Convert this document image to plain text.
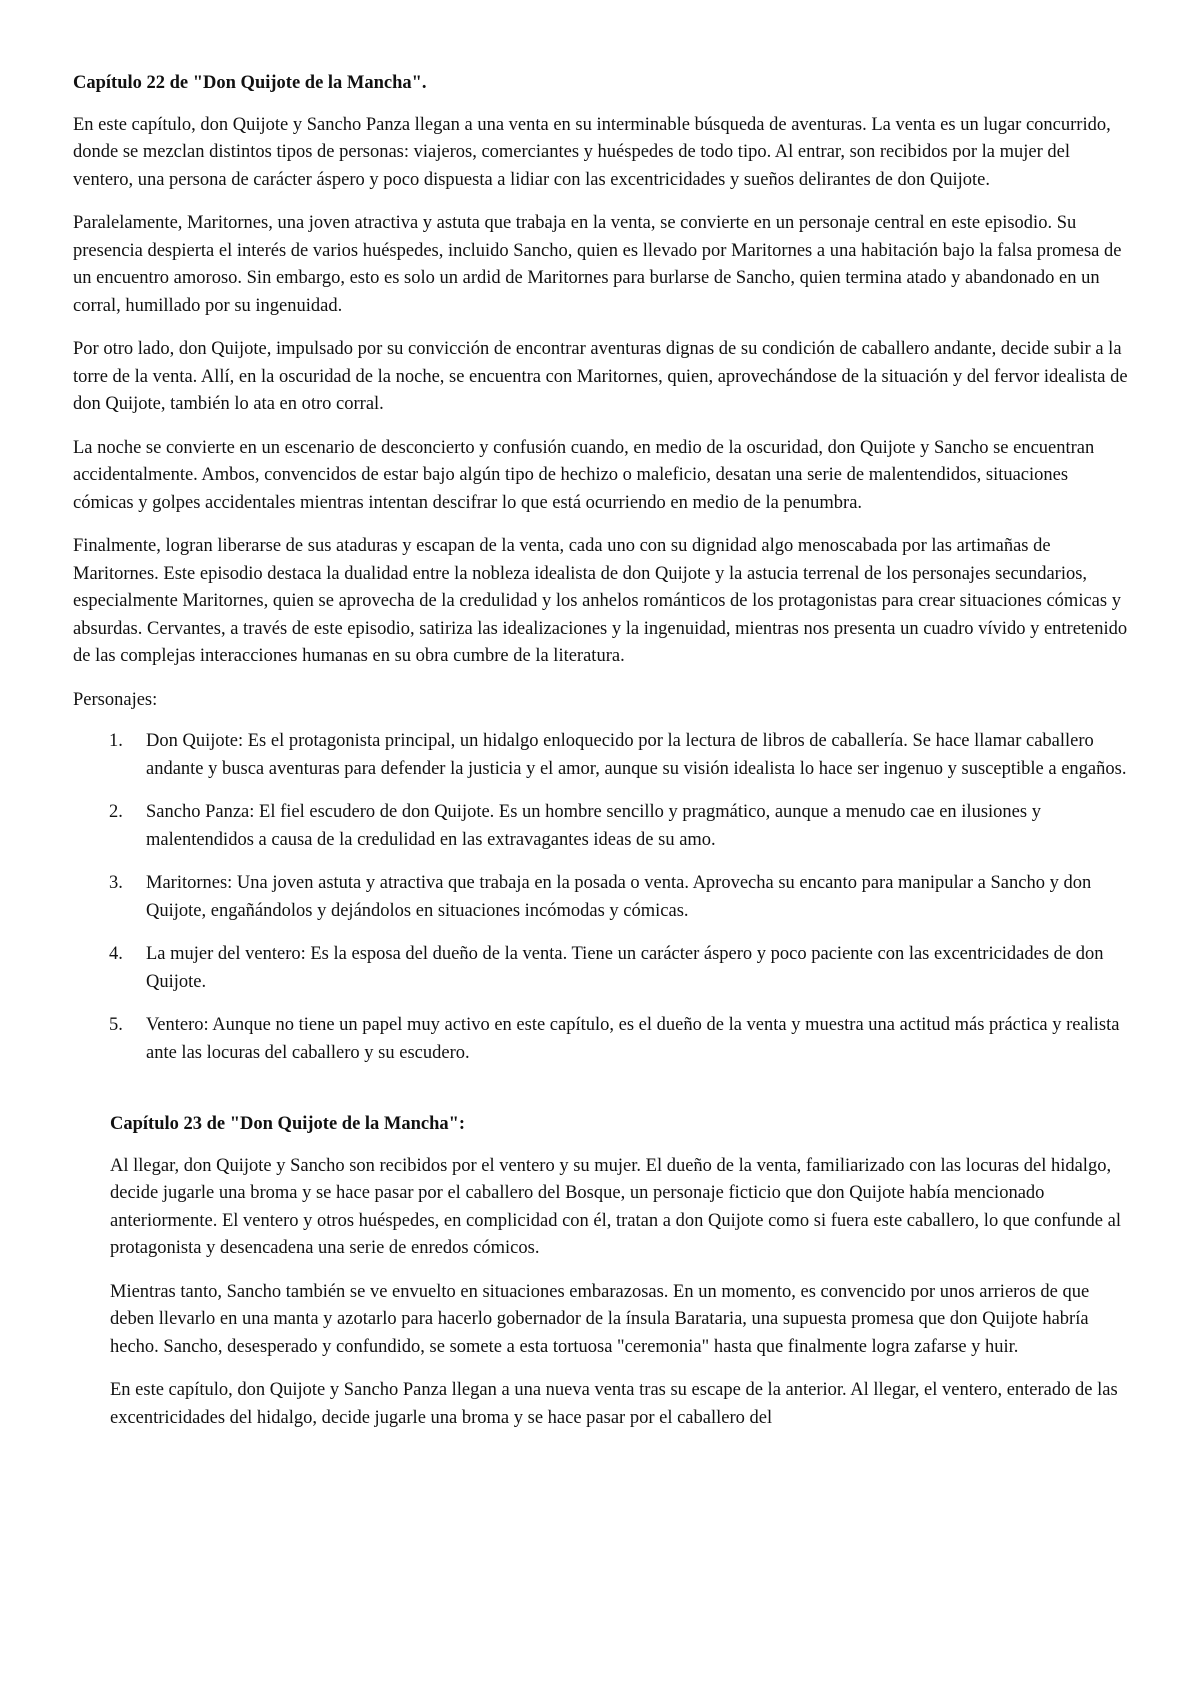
Capítulo 22 de "Don Quijote de la Mancha".

En este capítulo, don Quijote y Sancho Panza llegan a una venta en su interminable búsqueda de aventuras. La venta es un lugar concurrido, donde se mezclan distintos tipos de personas: viajeros, comerciantes y huéspedes de todo tipo. Al entrar, son recibidos por la mujer del ventero, una persona de carácter áspero y poco dispuesta a lidiar con las excentricidades y sueños delirantes de don Quijote.

Paralelamente, Maritornes, una joven atractiva y astuta que trabaja en la venta, se convierte en un personaje central en este episodio. Su presencia despierta el interés de varios huéspedes, incluido Sancho, quien es llevado por Maritornes a una habitación bajo la falsa promesa de un encuentro amoroso. Sin embargo, esto es solo un ardid de Maritornes para burlarse de Sancho, quien termina atado y abandonado en un corral, humillado por su ingenuidad.

Por otro lado, don Quijote, impulsado por su convicción de encontrar aventuras dignas de su condición de caballero andante, decide subir a la torre de la venta. Allí, en la oscuridad de la noche, se encuentra con Maritornes, quien, aprovechándose de la situación y del fervor idealista de don Quijote, también lo ata en otro corral.

La noche se convierte en un escenario de desconcierto y confusión cuando, en medio de la oscuridad, don Quijote y Sancho se encuentran accidentalmente. Ambos, convencidos de estar bajo algún tipo de hechizo o maleficio, desatan una serie de malentendidos, situaciones cómicas y golpes accidentales mientras intentan descifrar lo que está ocurriendo en medio de la penumbra.

Finalmente, logran liberarse de sus ataduras y escapan de la venta, cada uno con su dignidad algo menoscabada por las artimañas de Maritornes. Este episodio destaca la dualidad entre la nobleza idealista de don Quijote y la astucia terrenal de los personajes secundarios, especialmente Maritornes, quien se aprovecha de la credulidad y los anhelos románticos de los protagonistas para crear situaciones cómicas y absurdas. Cervantes, a través de este episodio, satiriza las idealizaciones y la ingenuidad, mientras nos presenta un cuadro vívido y entretenido de las complejas interacciones humanas en su obra cumbre de la literatura.

Personajes:
1. Don Quijote: Es el protagonista principal, un hidalgo enloquecido por la lectura de libros de caballería. Se hace llamar caballero andante y busca aventuras para defender la justicia y el amor, aunque su visión idealista lo hace ser ingenuo y susceptible a engaños.
2. Sancho Panza: El fiel escudero de don Quijote. Es un hombre sencillo y pragmático, aunque a menudo cae en ilusiones y malentendidos a causa de la credulidad en las extravagantes ideas de su amo.
3. Maritornes: Una joven astuta y atractiva que trabaja en la posada o venta. Aprovecha su encanto para manipular a Sancho y don Quijote, engañándolos y dejándolos en situaciones incómodas y cómicas.
4. La mujer del ventero: Es la esposa del dueño de la venta. Tiene un carácter áspero y poco paciente con las excentricidades de don Quijote.
5. Ventero: Aunque no tiene un papel muy activo en este capítulo, es el dueño de la venta y muestra una actitud más práctica y realista ante las locuras del caballero y su escudero.
Capítulo 23 de "Don Quijote de la Mancha":

Al llegar, don Quijote y Sancho son recibidos por el ventero y su mujer. El dueño de la venta, familiarizado con las locuras del hidalgo, decide jugarle una broma y se hace pasar por el caballero del Bosque, un personaje ficticio que don Quijote había mencionado anteriormente. El ventero y otros huéspedes, en complicidad con él, tratan a don Quijote como si fuera este caballero, lo que confunde al protagonista y desencadena una serie de enredos cómicos.

Mientras tanto, Sancho también se ve envuelto en situaciones embarazosas. En un momento, es convencido por unos arrieros de que deben llevarlo en una manta y azotarlo para hacerlo gobernador de la ínsula Barataria, una supuesta promesa que don Quijote habría hecho. Sancho, desesperado y confundido, se somete a esta tortuosa "ceremonia" hasta que finalmente logra zafarse y huir.

En este capítulo, don Quijote y Sancho Panza llegan a una nueva venta tras su escape de la anterior. Al llegar, el ventero, enterado de las excentricidades del hidalgo, decide jugarle una broma y se hace pasar por el caballero del
